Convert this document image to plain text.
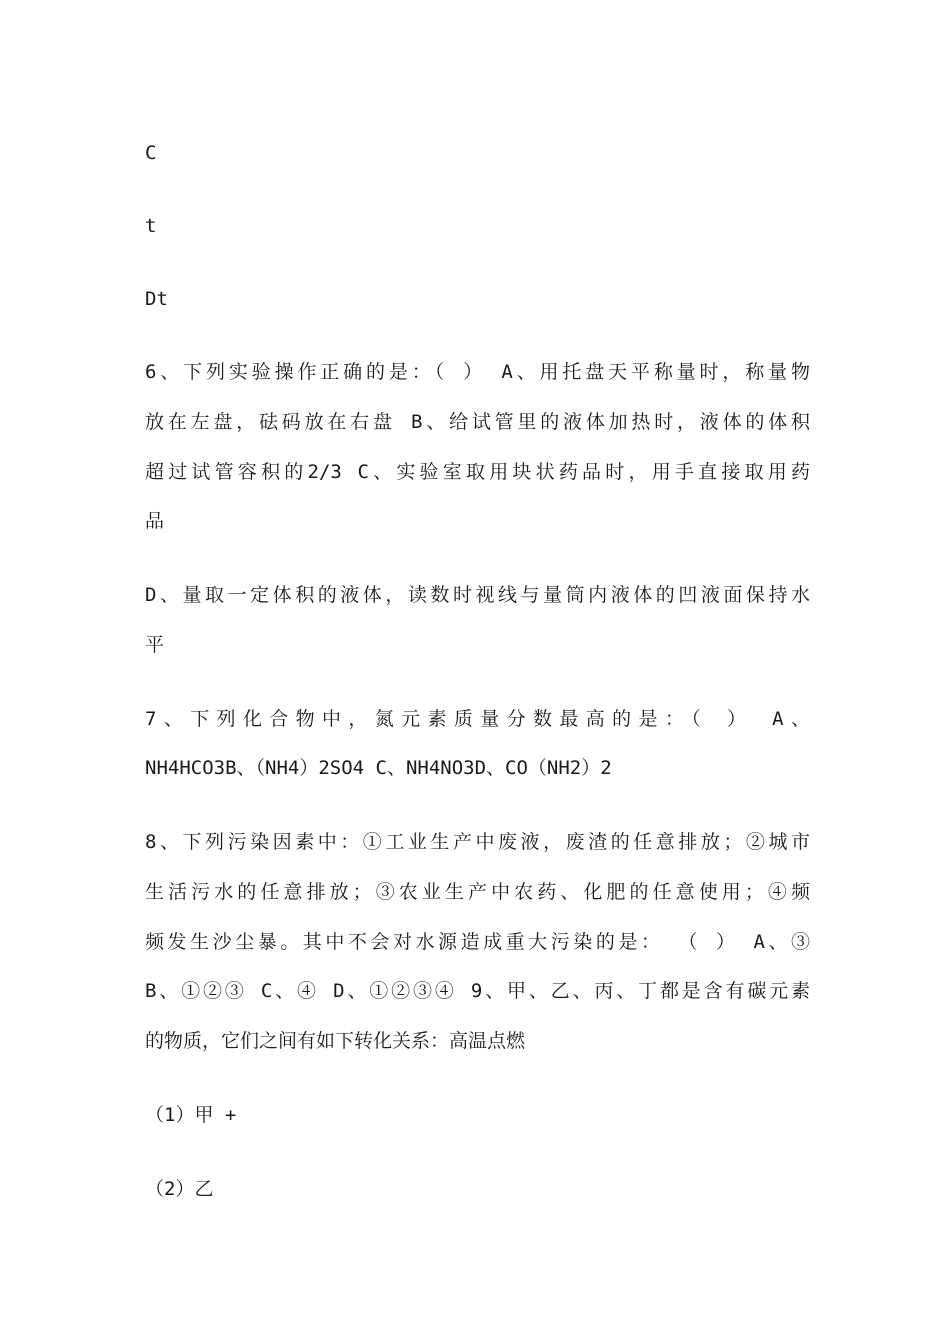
C
t
Dt
6、下列实验操作正确的是：（ ） A、用托盘天平称量时，称量物
放在左盘，砝码放在右盘 B、给试管里的液体加热时，液体的体积
超过试管容积的2/3 C、实验室取用块状药品时，用手直接取用药
品
D、量取一定体积的液体，读数时视线与量筒内液体的凹液面保持水
平
7、下列化合物中，氮元素质量分数最高的是：（ ） A、
NH4HCO3B、（NH4）2SO4 C、NH4NO3D、CO（NH2）2
8、下列污染因素中：①工业生产中废液，废渣的任意排放；②城市
生活污水的任意排放；③农业生产中农药、化肥的任意使用；④频
频发生沙尘暴。其中不会对水源造成重大污染的是： （ ） A、③
B、①②③ C、④ D、①②③④ 9、甲、乙、丙、丁都是含有碳元素
的物质，它们之间有如下转化关系：高温点燃
（1）甲 +
（2）乙
